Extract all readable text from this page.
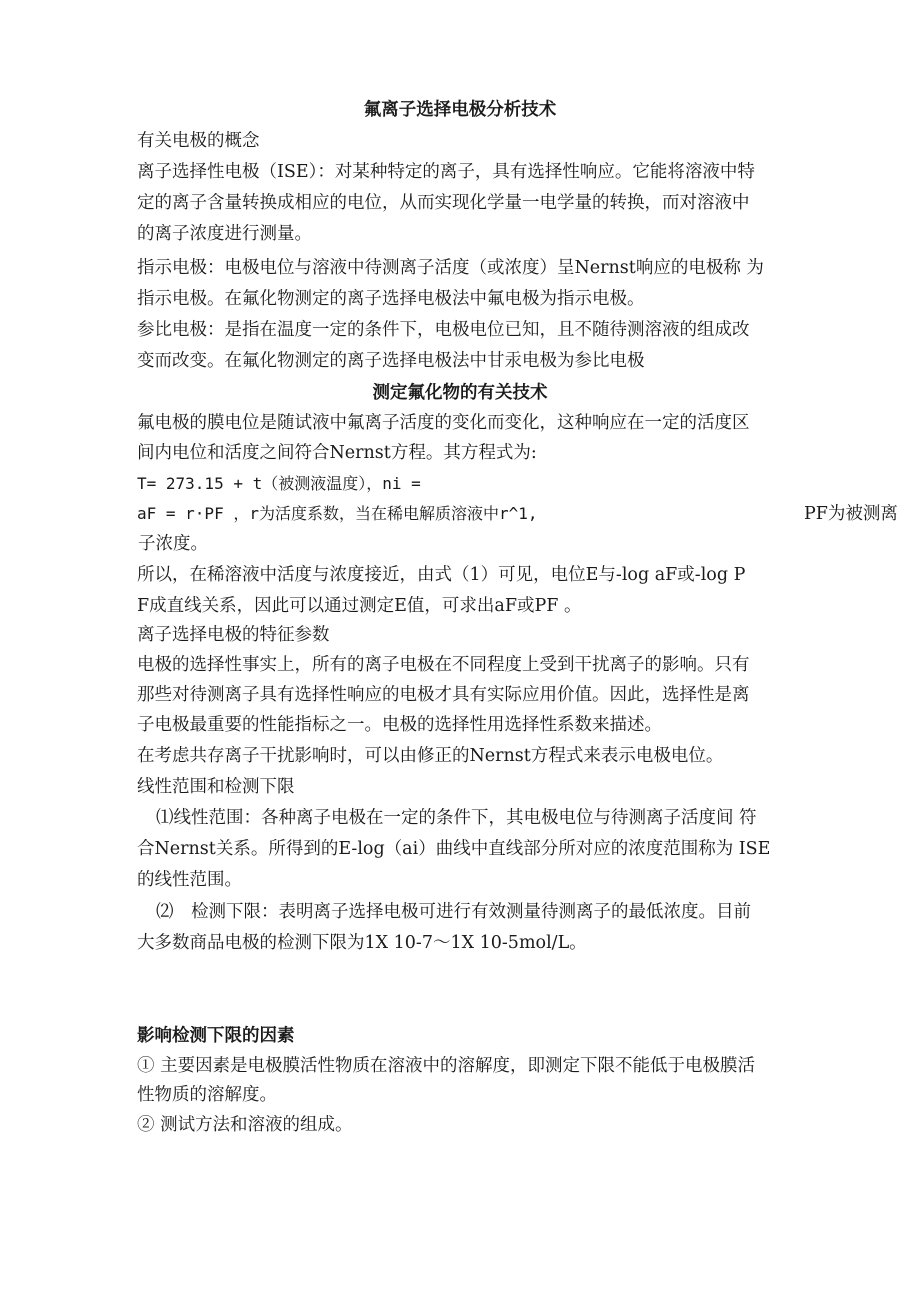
氟离子选择电极分析技术
有关电极的概念
离子选择性电极（ISE）：对某种特定的离子，具有选择性响应。它能将溶液中特
定的离子含量转换成相应的电位，从而实现化学量一电学量的转换，而对溶液中
的离子浓度进行测量。
指示电极：电极电位与溶液中待测离子活度（或浓度）呈Nernst响应的电极称 为
指示电极。在氟化物测定的离子选择电极法中氟电极为指示电极。
参比电极：是指在温度一定的条件下，电极电位已知，且不随待测溶液的组成改
变而改变。在氟化物测定的离子选择电极法中甘汞电极为参比电极
测定氟化物的有关技术
氟电极的膜电位是随试液中氟离子活度的变化而变化，这种响应在一定的活度区
间内电位和活度之间符合Nernst方程。其方程式为:
T= 273.15 + t（被测液温度），ni =
aF = r·PF ，r为活度系数，当在稀电解质溶液中r^1,	PF为被测离
子浓度。
所以，在稀溶液中活度与浓度接近，由式（1）可见，电位E与-log aF或-log P
F成直线关系，因此可以通过测定E值，可求出aF或PF 。
离子选择电极的特征参数
电极的选择性事实上，所有的离子电极在不同程度上受到干扰离子的影响。只有
那些对待测离子具有选择性响应的电极才具有实际应用价值。因此，选择性是离
子电极最重要的性能指标之一。电极的选择性用选择性系数来描述。
在考虑共存离子干扰影响时，可以由修正的Nernst方程式来表示电极电位。
线性范围和检测下限
⑴线性范围：各种离子电极在一定的条件下，其电极电位与待测离子活度间 符
合Nernst关系。所得到的E-log（ai）曲线中直线部分所对应的浓度范围称为 ISE
的线性范围。
⑵　检测下限：表明离子选择电极可进行有效测量待测离子的最低浓度。目前
大多数商品电极的检测下限为1X 10-7〜1X 10-5mol/L。
影响检测下限的因素
① 主要因素是电极膜活性物质在溶液中的溶解度，即测定下限不能低于电极膜活
性物质的溶解度。
② 测试方法和溶液的组成。
